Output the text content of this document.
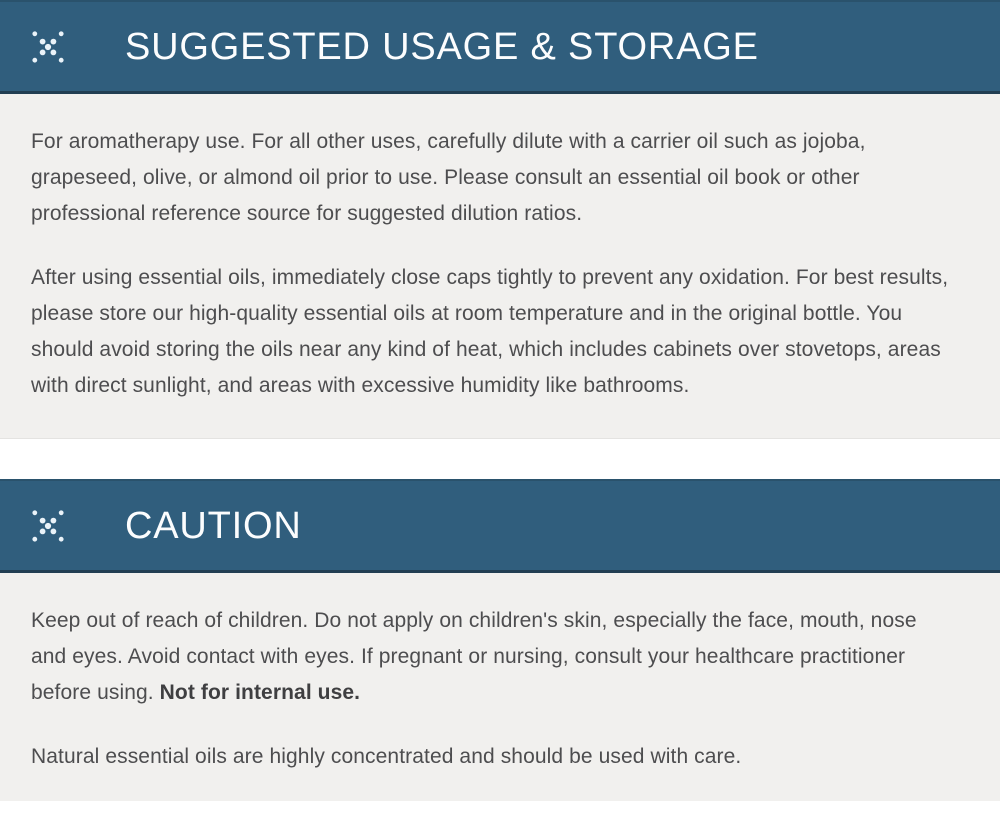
SUGGESTED USAGE & STORAGE

For aromatherapy use. For all other uses, carefully dilute with a carrier oil such as jojoba, grapeseed, olive, or almond oil prior to use. Please consult an essential oil book or other professional reference source for suggested dilution ratios.

After using essential oils, immediately close caps tightly to prevent any oxidation. For best results, please store our high-quality essential oils at room temperature and in the original bottle. You should avoid storing the oils near any kind of heat, which includes cabinets over stovetops, areas with direct sunlight, and areas with excessive humidity like bathrooms.

CAUTION

Keep out of reach of children. Do not apply on children's skin, especially the face, mouth, nose and eyes. Avoid contact with eyes. If pregnant or nursing, consult your healthcare practitioner before using. Not for internal use.

Natural essential oils are highly concentrated and should be used with care.
